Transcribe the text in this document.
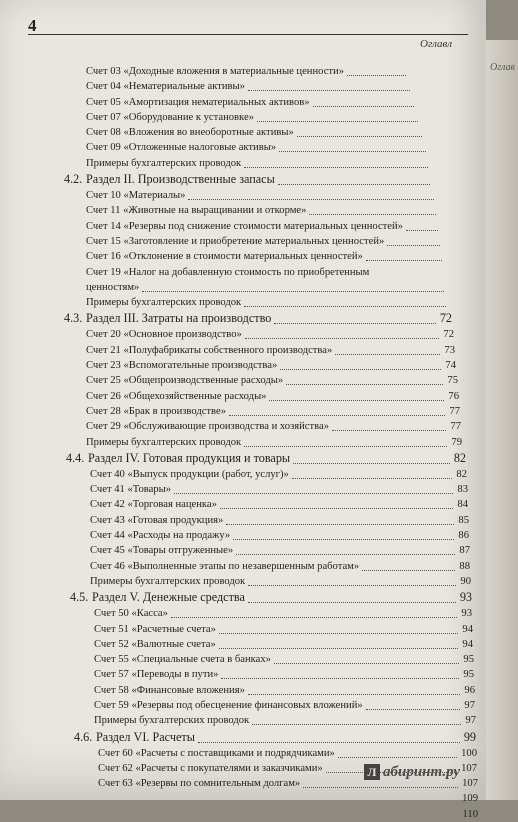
4
Оглавл
Счет 03 «Доходные вложения в материальные ценности»
Счет 04 «Нематериальные активы»
Счет 05 «Амортизация нематериальных активов»
Счет 07 «Оборудование к установке»
Счет 08 «Вложения во внеоборотные активы»
Счет 09 «Отложенные налоговые активы»
Примеры бухгалтерских проводок
4.2. Раздел II. Производственные запасы
Счет 10 «Материалы»
Счет 11 «Животные на выращивании и откорме»
Счет 14 «Резервы под снижение стоимости материальных ценностей»
Счет 15 «Заготовление и приобретение материальных ценностей»
Счет 16 «Отклонение в стоимости материальных ценностей»
Счет 19 «Налог на добавленную стоимость по приобретенным
ценностям»
Примеры бухгалтерских проводок
4.3. Раздел III. Затраты на производство	72
Счет 20 «Основное производство»	72
Счет 21 «Полуфабрикаты собственного производства»	73
Счет 23 «Вспомогательные производства»	74
Счет 25 «Общепроизводственные расходы»	75
Счет 26 «Общехозяйственные расходы»	76
Счет 28 «Брак в производстве»	77
Счет 29 «Обслуживающие производства и хозяйства»	77
Примеры бухгалтерских проводок	79
4.4. Раздел IV. Готовая продукция и товары	82
Счет 40 «Выпуск продукции (работ, услуг)»	82
Счет 41 «Товары»	83
Счет 42 «Торговая наценка»	84
Счет 43 «Готовая продукция»	85
Счет 44 «Расходы на продажу»	86
Счет 45 «Товары отгруженные»	87
Счет 46 «Выполненные этапы по незавершенным работам»	88
Примеры бухгалтерских проводок	90
4.5. Раздел V. Денежные средства	93
Счет 50 «Касса»	93
Счет 51 «Расчетные счета»	94
Счет 52 «Валютные счета»	94
Счет 55 «Специальные счета в банках»	95
Счет 57 «Переводы в пути»	95
Счет 58 «Финансовые вложения»	96
Счет 59 «Резервы под обесценение финансовых вложений»	97
Примеры бухгалтерских проводок	97
4.6. Раздел VI. Расчеты	99
Счет 60 «Расчеты с поставщиками и подрядчиками»	100
Счет 62 «Расчеты с покупателями и заказчиками»	107
Счет 63 «Резервы по сомнительным долгам»	107
109
110
Л абиринт.ру
Оглав
